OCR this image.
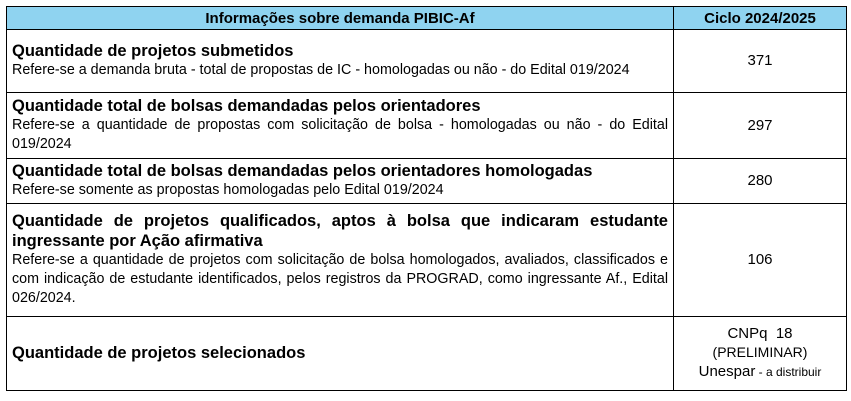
Informações sobre demanda PIBIC-Af	Ciclo 2024/2025

Quantidade de projetos submetidos
Refere-se a demanda bruta - total de propostas de IC - homologadas ou não - do Edital 019/2024	371

Quantidade total de bolsas demandadas pelos orientadores
Refere-se a quantidade de propostas com solicitação de bolsa - homologadas ou não - do Edital 019/2024	297

Quantidade total de bolsas demandadas pelos orientadores homologadas
Refere-se somente as propostas homologadas pelo Edital 019/2024	280

Quantidade de projetos qualificados, aptos à bolsa que indicaram estudante ingressante por Ação afirmativa
Refere-se a quantidade de projetos com solicitação de bolsa homologados, avaliados, classificados e com indicação de estudante identificados, pelos registros da PROGRAD, como ingressante Af., Edital 026/2024.	106

Quantidade de projetos selecionados	CNPq  18
(PRELIMINAR)
Unespar - a distribuir
